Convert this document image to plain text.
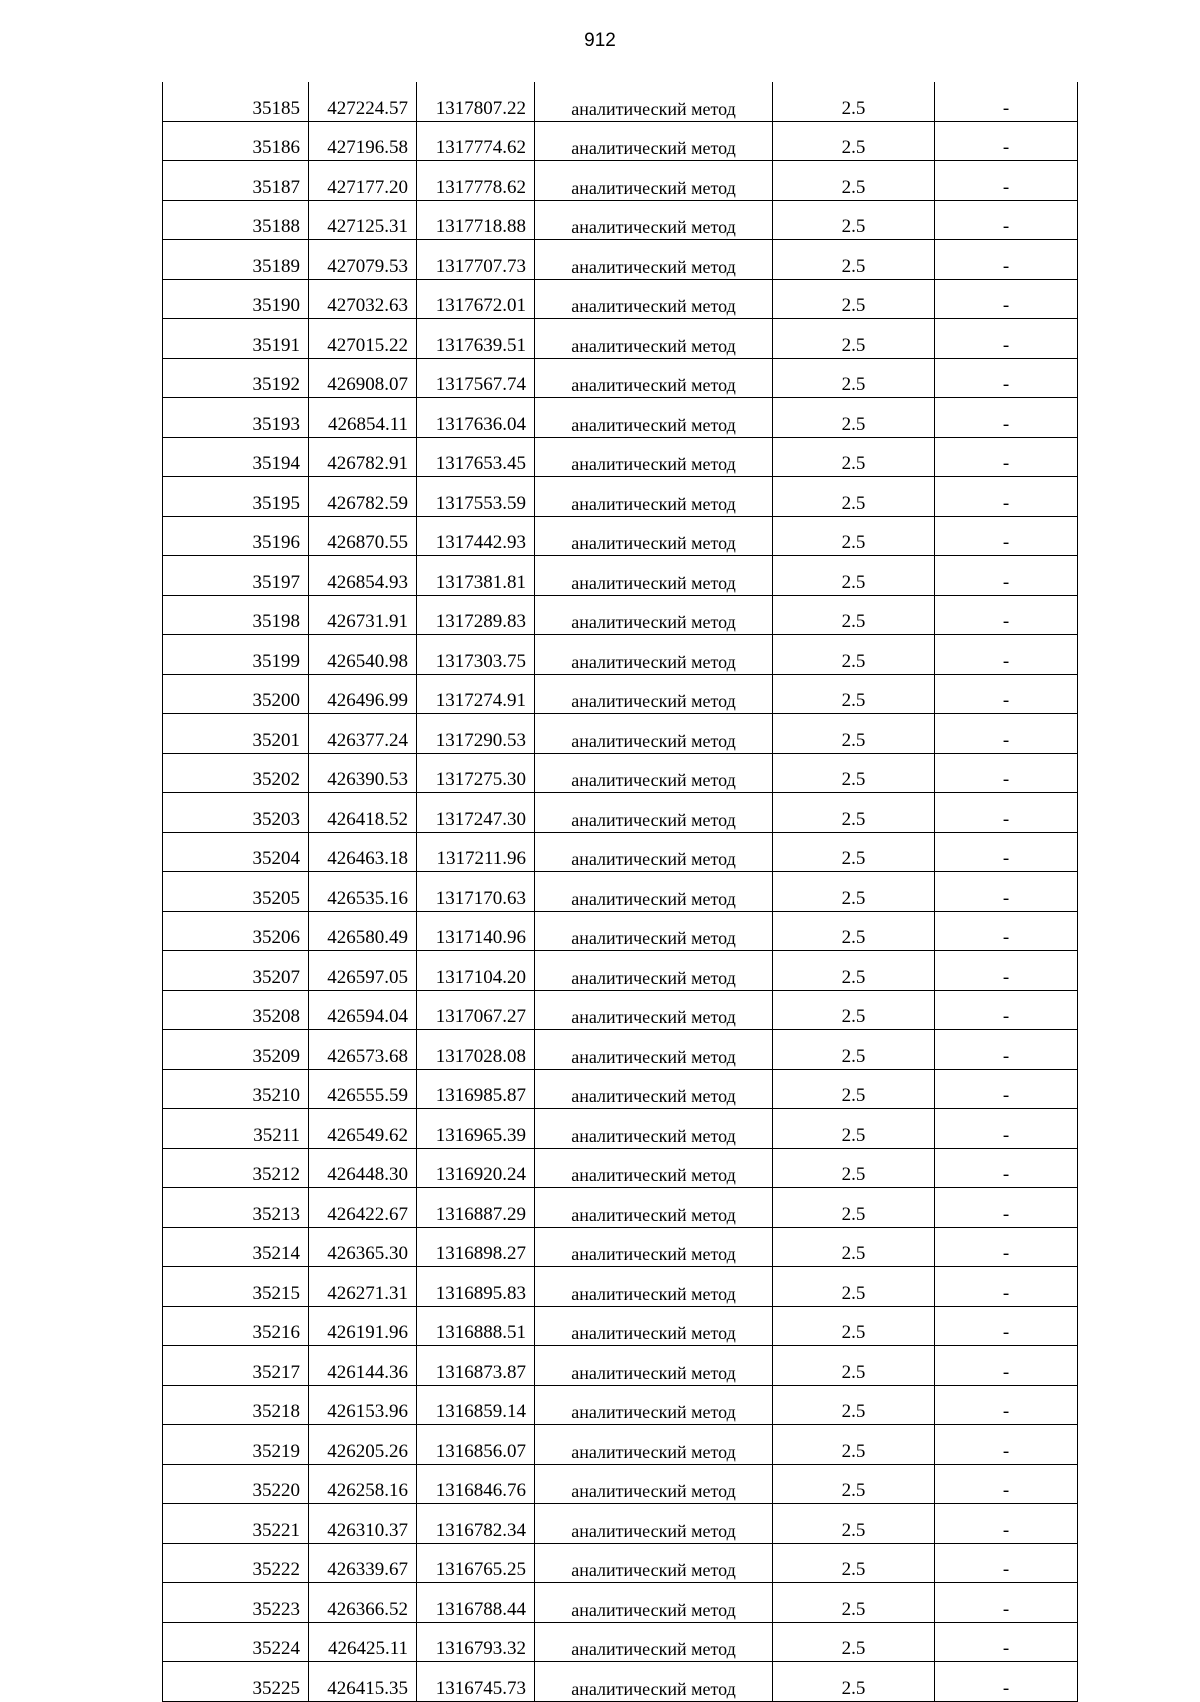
912
35185	427224.57	1317807.22	аналитический метод	2.5	-
35186	427196.58	1317774.62	аналитический метод	2.5	-
35187	427177.20	1317778.62	аналитический метод	2.5	-
35188	427125.31	1317718.88	аналитический метод	2.5	-
35189	427079.53	1317707.73	аналитический метод	2.5	-
35190	427032.63	1317672.01	аналитический метод	2.5	-
35191	427015.22	1317639.51	аналитический метод	2.5	-
35192	426908.07	1317567.74	аналитический метод	2.5	-
35193	426854.11	1317636.04	аналитический метод	2.5	-
35194	426782.91	1317653.45	аналитический метод	2.5	-
35195	426782.59	1317553.59	аналитический метод	2.5	-
35196	426870.55	1317442.93	аналитический метод	2.5	-
35197	426854.93	1317381.81	аналитический метод	2.5	-
35198	426731.91	1317289.83	аналитический метод	2.5	-
35199	426540.98	1317303.75	аналитический метод	2.5	-
35200	426496.99	1317274.91	аналитический метод	2.5	-
35201	426377.24	1317290.53	аналитический метод	2.5	-
35202	426390.53	1317275.30	аналитический метод	2.5	-
35203	426418.52	1317247.30	аналитический метод	2.5	-
35204	426463.18	1317211.96	аналитический метод	2.5	-
35205	426535.16	1317170.63	аналитический метод	2.5	-
35206	426580.49	1317140.96	аналитический метод	2.5	-
35207	426597.05	1317104.20	аналитический метод	2.5	-
35208	426594.04	1317067.27	аналитический метод	2.5	-
35209	426573.68	1317028.08	аналитический метод	2.5	-
35210	426555.59	1316985.87	аналитический метод	2.5	-
35211	426549.62	1316965.39	аналитический метод	2.5	-
35212	426448.30	1316920.24	аналитический метод	2.5	-
35213	426422.67	1316887.29	аналитический метод	2.5	-
35214	426365.30	1316898.27	аналитический метод	2.5	-
35215	426271.31	1316895.83	аналитический метод	2.5	-
35216	426191.96	1316888.51	аналитический метод	2.5	-
35217	426144.36	1316873.87	аналитический метод	2.5	-
35218	426153.96	1316859.14	аналитический метод	2.5	-
35219	426205.26	1316856.07	аналитический метод	2.5	-
35220	426258.16	1316846.76	аналитический метод	2.5	-
35221	426310.37	1316782.34	аналитический метод	2.5	-
35222	426339.67	1316765.25	аналитический метод	2.5	-
35223	426366.52	1316788.44	аналитический метод	2.5	-
35224	426425.11	1316793.32	аналитический метод	2.5	-
35225	426415.35	1316745.73	аналитический метод	2.5	-
